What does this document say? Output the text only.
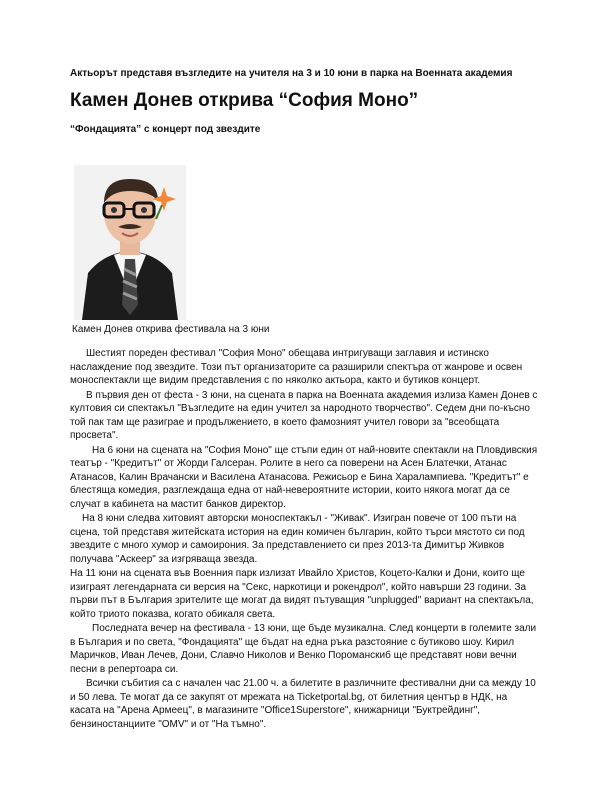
Актьорът представя възгледите на учителя на 3 и 10 юни в парка на Военната академия
Камен Донев открива “София Моно”
“Фондацията” с концерт под звездите
Камен Донев открива фестивала на 3 юни

Шестият пореден фестивал "София Моно" обещава интригуващи заглавия и истинско наслаждение под звездите. Този път организаторите са разширили спектъра от жанрове и освен моноспектакли ще видим представления с по няколко актьора, както и бутиков концерт.

В първия ден от феста - 3 юни, на сцената в парка на Военната академия излиза Камен Донев с култовия си спектакъл "Възгледите на един учител за народното творчество". Седем дни по-късно той пак там ще разиграе и продължението, в което фамозният учител говори за "всеобщата просвета".

На 6 юни на сцената на "София Моно" ще стъпи един от най-новите спектакли на Пловдивския театър - "Кредитът" от Жорди Галсеран. Ролите в него са поверени на Асен Блатечки, Атанас Атанасов, Калин Врачански и Василена Атанасова. Режисьор е Бина Харалампиева. "Кредитът" е блестяща комедия, разглеждаща една от най-невероятните истории, които някога могат да се случат в кабинета на мастит банков директор.

На 8 юни следва хитовият авторски моноспектакъл - "Живак". Изигран повече от 100 пъти на сцена, той представя житейската история на един комичен българин, който търси мястото си под звездите с много хумор и самоирония. За представлението си през 2013-та Димитър Живков получава "Аскеер" за изгряваща звезда.

На 11 юни на сцената във Военния парк излизат Ивайло Христов, Коцето-Калки и Дони, които ще изиграят легендарната си версия на "Секс, наркотици и рокендрол", който навърши 23 години. За първи път в България зрителите ще могат да видят пътуващия "unplugged" вариант на спектакъла, който триото показва, когато обикаля света.

Последната вечер на фестивала - 13 юни, ще бъде музикална. След концерти в големите зали в България и по света, "Фондацията" ще бъдат на една ръка разстояние с бутиково шоу. Кирил Маричков, Иван Лечев, Дони, Славчо Николов и Венко Пороманскиб ще представят нови вечни песни в репертоара си.

Всички събития са с начален час 21.00 ч. а билетите в различните фестивални дни са между 10 и 50 лева. Те могат да се закупят от мрежата на Ticketportal.bg, от билетния център в НДК, на касата на "Арена Армеец", в магазините "Office1Superstore", книжарници "Буктрейдинг", бензиностанциите "OMV" и от "На тъмно".
